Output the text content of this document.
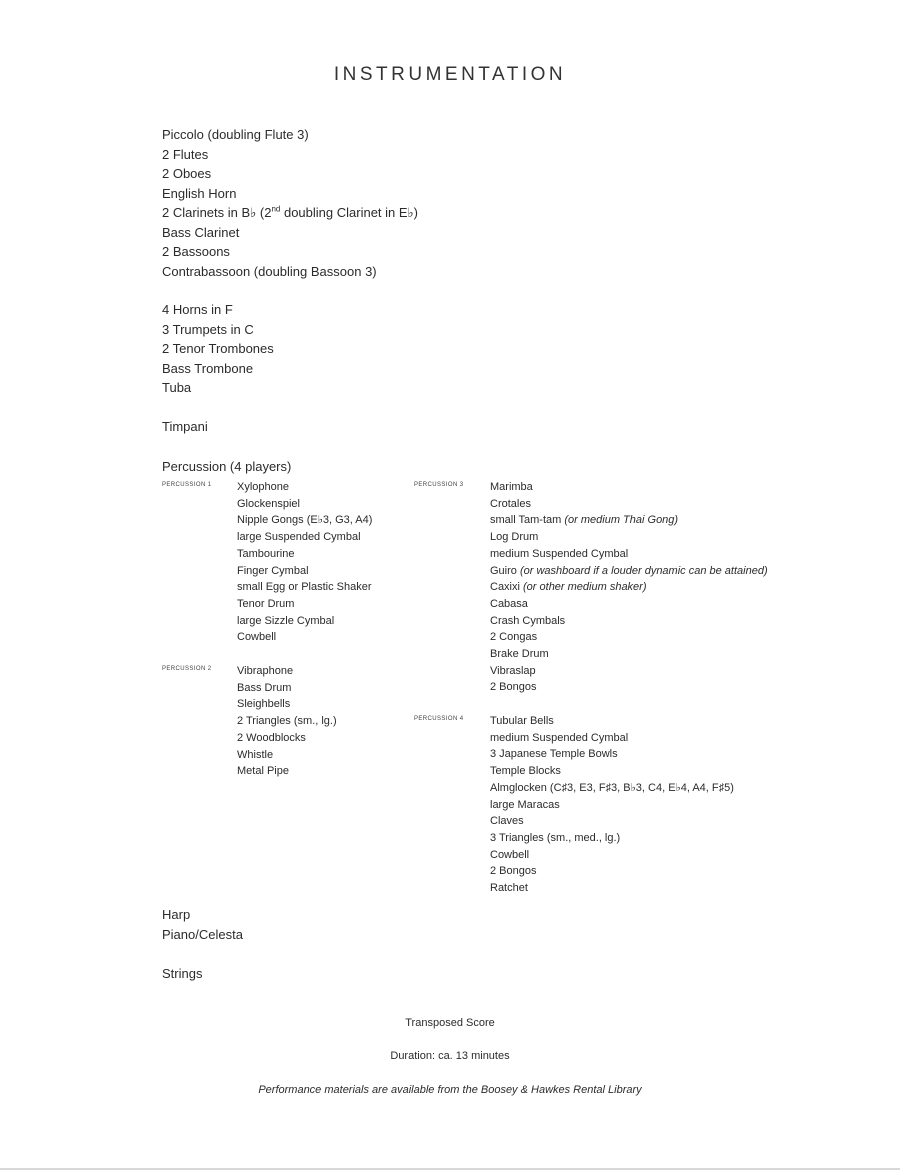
INSTRUMENTATION
Piccolo (doubling Flute 3)
2 Flutes
2 Oboes
English Horn
2 Clarinets in B♭ (2nd doubling Clarinet in E♭)
Bass Clarinet
2 Bassoons
Contrabassoon (doubling Bassoon 3)
4 Horns in F
3 Trumpets in C
2 Tenor Trombones
Bass Trombone
Tuba
Timpani
Percussion (4 players)
PERCUSSION 1 Xylophone
Glockenspiel
Nipple Gongs (E♭3, G3, A4)
large Suspended Cymbal
Tambourine
Finger Cymbal
small Egg or Plastic Shaker
Tenor Drum
large Sizzle Cymbal
Cowbell
PERCUSSION 2 Vibraphone
Bass Drum
Sleighbells
2 Triangles (sm., lg.)
2 Woodblocks
Whistle
Metal Pipe
PERCUSSION 3 Marimba
Crotales
small Tam-tam (or medium Thai Gong)
Log Drum
medium Suspended Cymbal
Guiro (or washboard if a louder dynamic can be attained)
Caxixi (or other medium shaker)
Cabasa
Crash Cymbals
2 Congas
Brake Drum
Vibraslap
2 Bongos
PERCUSSION 4 Tubular Bells
medium Suspended Cymbal
3 Japanese Temple Bowls
Temple Blocks
Almglocken (C♯3, E3, F♯3, B♭3, C4, E♭4, A4, F♯5)
large Maracas
Claves
3 Triangles (sm., med., lg.)
Cowbell
2 Bongos
Ratchet
Harp
Piano/Celesta
Strings
Transposed Score
Duration: ca. 13 minutes
Performance materials are available from the Boosey & Hawkes Rental Library
